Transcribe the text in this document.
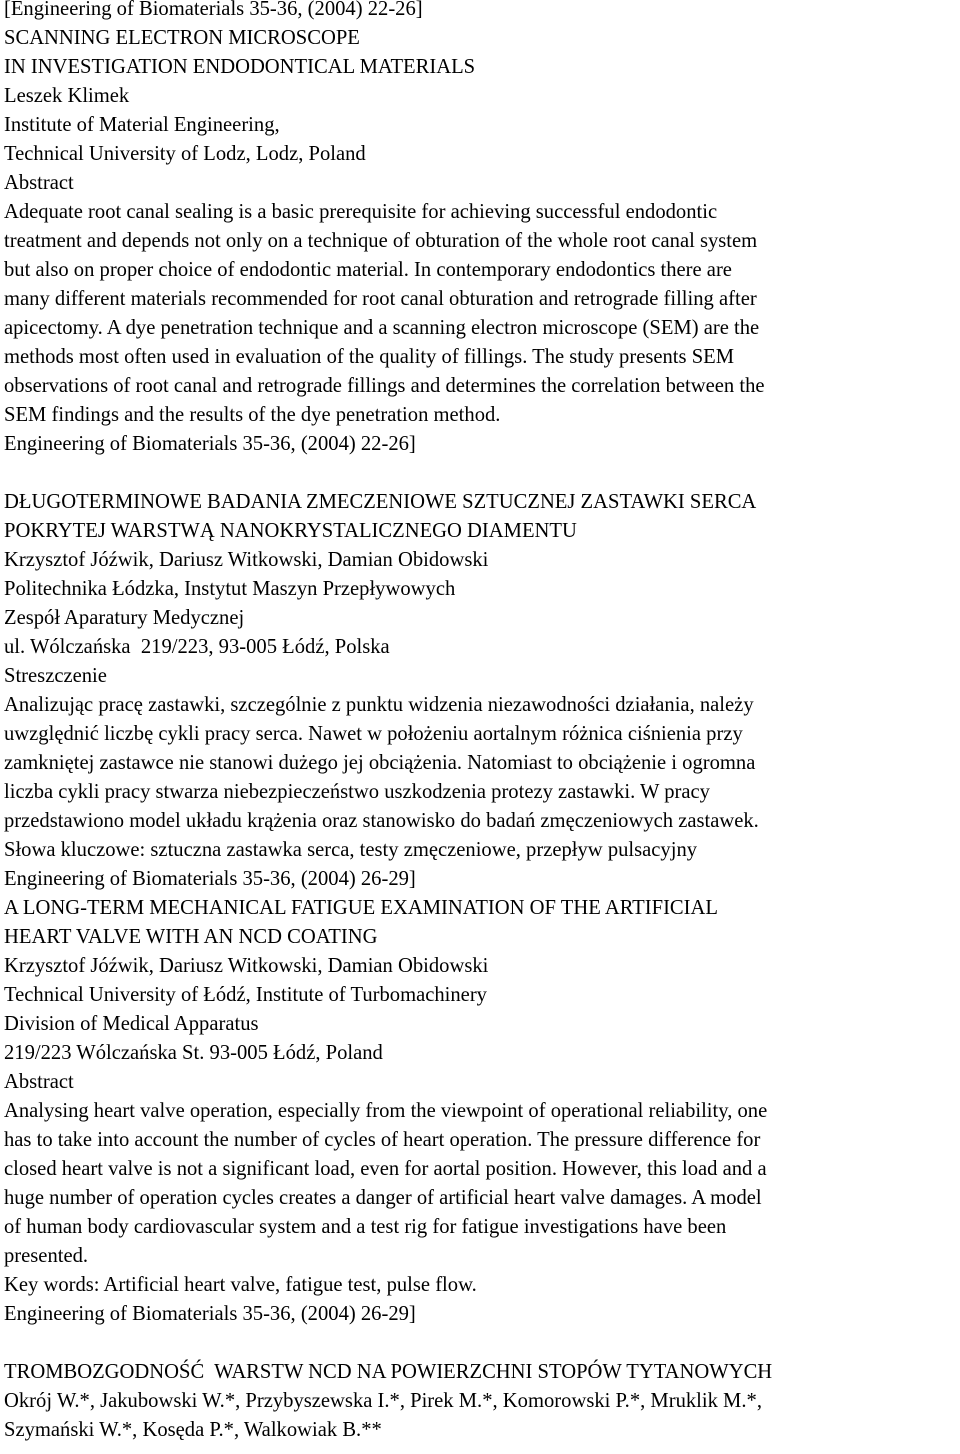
[Engineering of Biomaterials 35-36, (2004) 22-26]
SCANNING ELECTRON MICROSCOPE
IN INVESTIGATION ENDODONTICAL MATERIALS
Leszek Klimek
Institute of Material Engineering,
Technical University of Lodz, Lodz, Poland
Abstract
Adequate root canal sealing is a basic prerequisite for achieving successful endodontic
treatment and depends not only on a technique of obturation of the whole root canal system
but also on proper choice of endodontic material. In contemporary endodontics there are
many different materials recommended for root canal obturation and retrograde filling after
apicectomy. A dye penetration technique and a scanning electron microscope (SEM) are the
methods most often used in evaluation of the quality of fillings. The study presents SEM
observations of root canal and retrograde fillings and determines the correlation between the
SEM findings and the results of the dye penetration method.
Engineering of Biomaterials 35-36, (2004) 22-26]
DŁUGOTERMINOWE BADANIA ZMECZENIOWE SZTUCZNEJ ZASTAWKI SERCA
POKRYTEJ WARSTWĄ NANOKRYSTALICZNEGO DIAMENTU
Krzysztof Jóźwik, Dariusz Witkowski, Damian Obidowski
Politechnika Łódzka, Instytut Maszyn Przepływowych
Zespół Aparatury Medycznej
ul. Wólczańska  219/223, 93-005 Łódź, Polska
Streszczenie
Analizując pracę zastawki, szczególnie z punktu widzenia niezawodności działania, należy
uwzględnić liczbę cykli pracy serca. Nawet w położeniu aortalnym różnica ciśnienia przy
zamkniętej zastawce nie stanowi dużego jej obciążenia. Natomiast to obciążenie i ogromna
liczba cykli pracy stwarza niebezpieczeństwo uszkodzenia protezy zastawki. W pracy
przedstawiono model układu krążenia oraz stanowisko do badań zmęczeniowych zastawek.
Słowa kluczowe: sztuczna zastawka serca, testy zmęczeniowe, przepływ pulsacyjny
Engineering of Biomaterials 35-36, (2004) 26-29]
A LONG-TERM MECHANICAL FATIGUE EXAMINATION OF THE ARTIFICIAL
HEART VALVE WITH AN NCD COATING
Krzysztof Jóźwik, Dariusz Witkowski, Damian Obidowski
Technical University of Łódź, Institute of Turbomachinery
Division of Medical Apparatus
219/223 Wólczańska St. 93-005 Łódź, Poland
Abstract
Analysing heart valve operation, especially from the viewpoint of operational reliability, one
has to take into account the number of cycles of heart operation. The pressure difference for
closed heart valve is not a significant load, even for aortal position. However, this load and a
huge number of operation cycles creates a danger of artificial heart valve damages. A model
of human body cardiovascular system and a test rig for fatigue investigations have been
presented.
Key words: Artificial heart valve, fatigue test, pulse flow.
Engineering of Biomaterials 35-36, (2004) 26-29]
TROMBOZGODNOŚĆ  WARSTW NCD NA POWIERZCHNI STOPÓW TYTANOWYCH
Okrój W.*, Jakubowski W.*, Przybyszewska I.*, Pirek M.*, Komorowski P.*, Mruklik M.*,
Szymański W.*, Kosęda P.*, Walkowiak B.**
